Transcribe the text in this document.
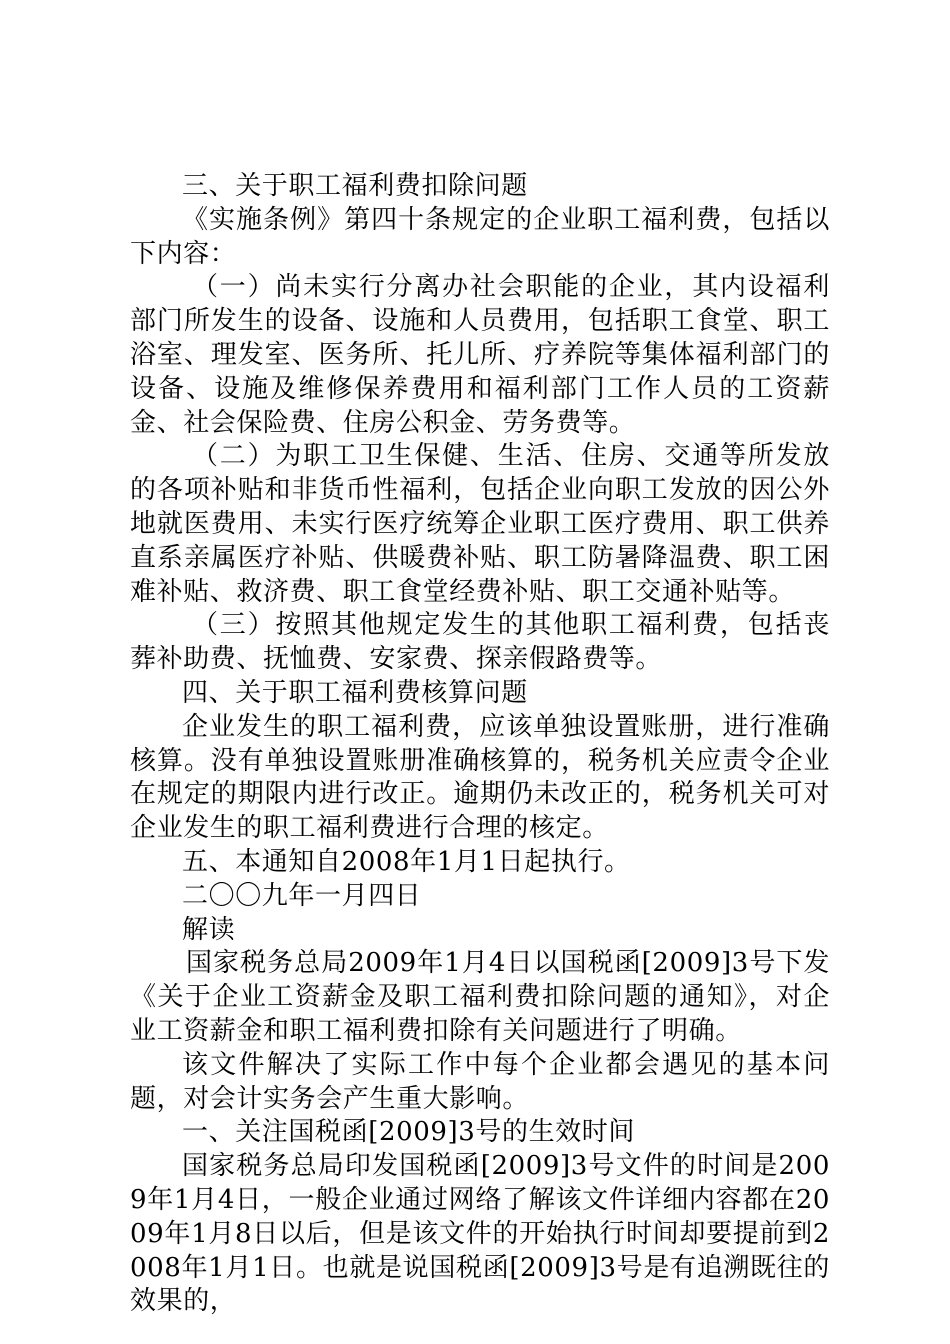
三、关于职工福利费扣除问题

《实施条例》第四十条规定的企业职工福利费，包括以下内容：

（一）尚未实行分离办社会职能的企业，其内设福利部门所发生的设备、设施和人员费用，包括职工食堂、职工浴室、理发室、医务所、托儿所、疗养院等集体福利部门的设备、设施及维修保养费用和福利部门工作人员的工资薪金、社会保险费、住房公积金、劳务费等。

（二）为职工卫生保健、生活、住房、交通等所发放的各项补贴和非货币性福利，包括企业向职工发放的因公外地就医费用、未实行医疗统筹企业职工医疗费用、职工供养直系亲属医疗补贴、供暖费补贴、职工防暑降温费、职工困难补贴、救济费、职工食堂经费补贴、职工交通补贴等。

（三）按照其他规定发生的其他职工福利费，包括丧葬补助费、抚恤费、安家费、探亲假路费等。

四、关于职工福利费核算问题

企业发生的职工福利费，应该单独设置账册，进行准确核算。没有单独设置账册准确核算的，税务机关应责令企业在规定的期限内进行改正。逾期仍未改正的，税务机关可对企业发生的职工福利费进行合理的核定。

五、本通知自2008年1月1日起执行。

二〇〇九年一月四日

解读

国家税务总局2009年1月4日以国税函[2009]3号下发《关于企业工资薪金及职工福利费扣除问题的通知》，对企业工资薪金和职工福利费扣除有关问题进行了明确。

该文件解决了实际工作中每个企业都会遇见的基本问题，对会计实务会产生重大影响。

一、关注国税函[2009]3号的生效时间

国家税务总局印发国税函[2009]3号文件的时间是2009年1月4日，一般企业通过网络了解该文件详细内容都在2009年1月8日以后，但是该文件的开始执行时间却要提前到2008年1月1日。也就是说国税函[2009]3号是有追溯既往的效果的，
